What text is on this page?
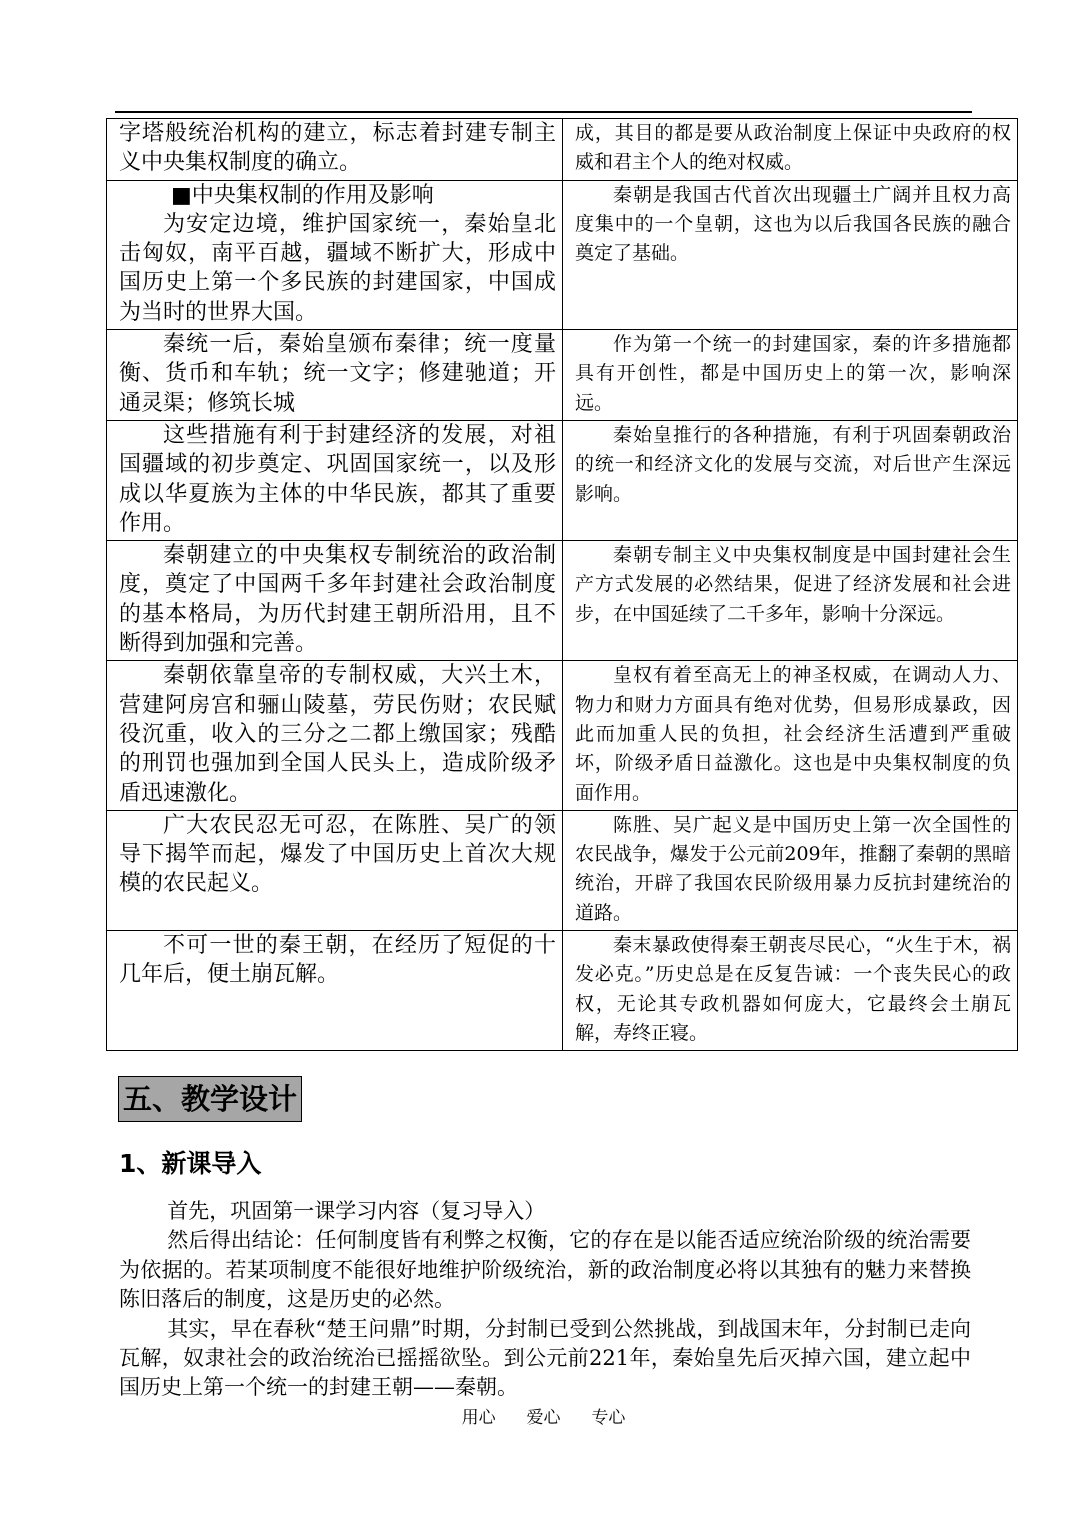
字塔般统治机构的建立，标志着封建专制主义中央集权制度的确立。	成，其目的都是要从政治制度上保证中央政府的权威和君主个人的绝对权威。

■中央集权制的作用及影响

为安定边境，维护国家统一，秦始皇北击匈奴，南平百越，疆域不断扩大，形成中国历史上第一个多民族的封建国家，中国成为当时的世界大国。	秦朝是我国古代首次出现疆土广阔并且权力高度集中的一个皇朝，这也为以后我国各民族的融合奠定了基础。

秦统一后，秦始皇颁布秦律；统一度量衡、货币和车轨；统一文字；修建驰道；开通灵渠；修筑长城	作为第一个统一的封建国家，秦的许多措施都具有开创性，都是中国历史上的第一次，影响深远。

这些措施有利于封建经济的发展，对祖国疆域的初步奠定、巩固国家统一，以及形成以华夏族为主体的中华民族，都其了重要作用。	秦始皇推行的各种措施，有利于巩固秦朝政治的统一和经济文化的发展与交流，对后世产生深远影响。

秦朝建立的中央集权专制统治的政治制度，奠定了中国两千多年封建社会政治制度的基本格局，为历代封建王朝所沿用，且不断得到加强和完善。	秦朝专制主义中央集权制度是中国封建社会生产方式发展的必然结果，促进了经济发展和社会进步，在中国延续了二千多年，影响十分深远。

秦朝依靠皇帝的专制权威，大兴土木，营建阿房宫和骊山陵墓，劳民伤财；农民赋役沉重，收入的三分之二都上缴国家；残酷的刑罚也强加到全国人民头上，造成阶级矛盾迅速激化。	皇权有着至高无上的神圣权威，在调动人力、物力和财力方面具有绝对优势，但易形成暴政，因此而加重人民的负担，社会经济生活遭到严重破坏，阶级矛盾日益激化。这也是中央集权制度的负面作用。

广大农民忍无可忍，在陈胜、吴广的领导下揭竿而起，爆发了中国历史上首次大规模的农民起义。	陈胜、吴广起义是中国历史上第一次全国性的农民战争，爆发于公元前209年，推翻了秦朝的黑暗统治，开辟了我国农民阶级用暴力反抗封建统治的道路。

不可一世的秦王朝，在经历了短促的十几年后，便土崩瓦解。	秦末暴政使得秦王朝丧尽民心，“火生于木，祸发必克。”历史总是在反复告诫：一个丧失民心的政权，无论其专政机器如何庞大，它最终会土崩瓦解，寿终正寝。

五、教学设计
1、新课导入

首先，巩固第一课学习内容（复习导入）

然后得出结论：任何制度皆有利弊之权衡，它的存在是以能否适应统治阶级的统治需要为依据的。若某项制度不能很好地维护阶级统治，新的政治制度必将以其独有的魅力来替换陈旧落后的制度，这是历史的必然。

其实，早在春秋“楚王问鼎”时期，分封制已受到公然挑战，到战国末年，分封制已走向瓦解，奴隶社会的政治统治已摇摇欲坠。到公元前221年，秦始皇先后灭掉六国，建立起中国历史上第一个统一的封建王朝——秦朝。

用心 爱心 专心
